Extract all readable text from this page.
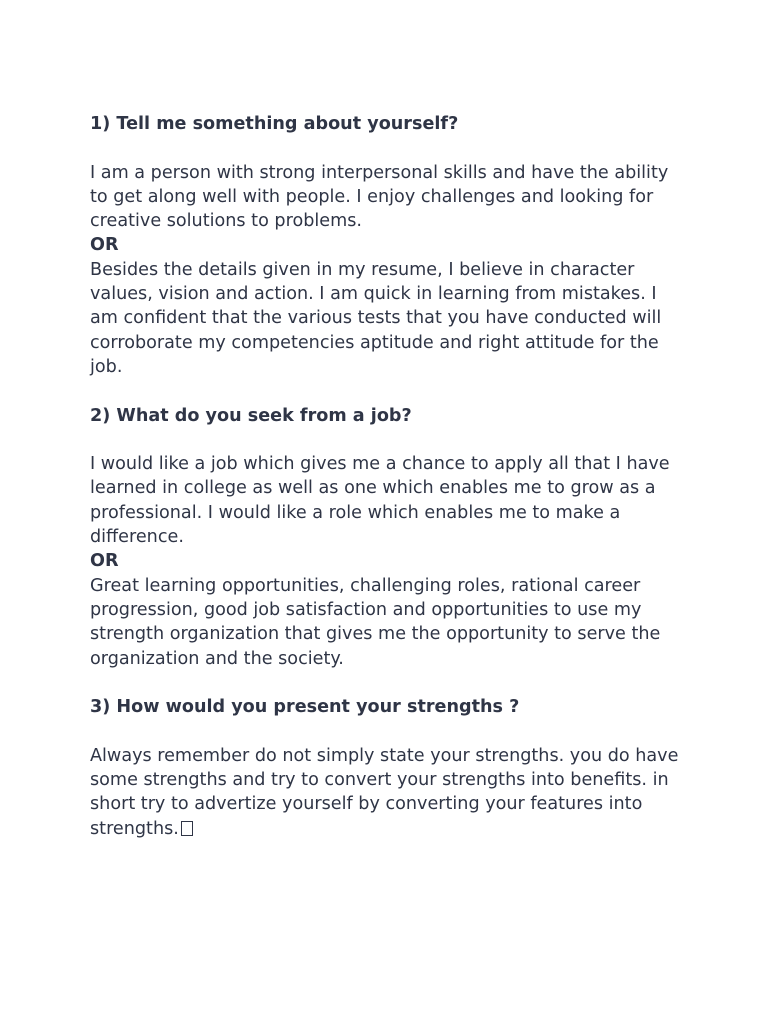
1) Tell me something about yourself?

I am a person with strong interpersonal skills and have the ability to get along well with people. I enjoy challenges and looking for creative solutions to problems.

OR

Besides the details given in my resume, I believe in character values, vision and action. I am quick in learning from mistakes. I am confident that the various tests that you have conducted will corroborate my competencies aptitude and right attitude for the job.

2) What do you seek from a job?

I would like a job which gives me a chance to apply all that I have learned in college as well as one which enables me to grow as a professional. I would like a role which enables me to make a difference.

OR

Great learning opportunities, challenging roles, rational career progression, good job satisfaction and opportunities to use my strength organization that gives me the opportunity to serve the organization and the society.

3) How would you present your strengths ?

Always remember do not simply state your strengths. you do have some strengths and try to convert your strengths into benefits. in short try to advertize yourself by converting your features into strengths.
